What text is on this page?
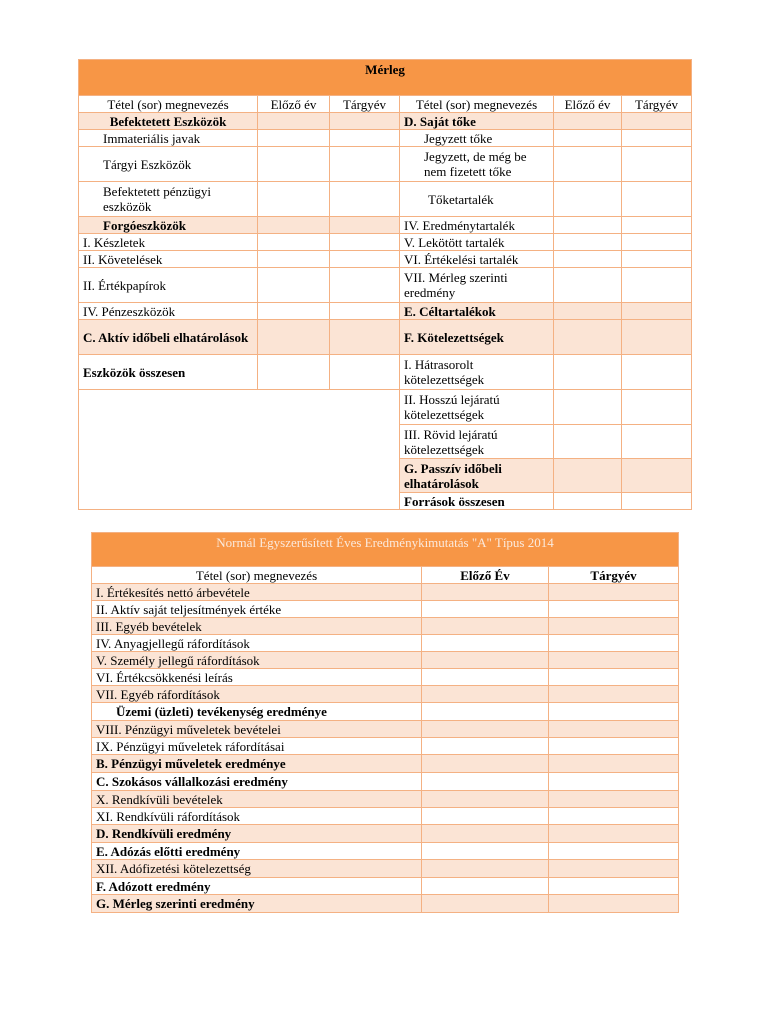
Mérleg					
Tétel (sor) megnevezés	Előző év	Tárgyév	Tétel (sor) megnevezés	Előző év	Tárgyév
Befektetett Eszközök			D. Saját tőke		
Immateriális javak			Jegyzett tőke		
Tárgyi Eszközök			Jegyzett, de még be nem fizetett tőke		
Befektetett pénzügyi eszközök			Tőketartalék		
Forgóeszközök			IV. Eredménytartalék		
I. Készletek			V. Lekötött tartalék		
II. Követelések			VI. Értékelési tartalék		
II. Értékpapírok			VII. Mérleg szerinti eredmény		
IV. Pénzeszközök			E. Céltartalékok		
C. Aktív időbeli elhatárolások			F. Kötelezettségek		
Eszközök összesen			I. Hátrasorolt kötelezettségek		
			II. Hosszú lejáratú kötelezettségek		
			III. Rövid lejáratú kötelezettségek		
			G. Passzív időbeli elhatárolások		
			Források összesen		
Normál Egyszerűsített Éves Eredménykimutatás "A" Típus 2014		
Tétel (sor) megnevezés	Előző Év	Tárgyév
I. Értékesítés nettó árbevétele		
II. Aktív saját teljesítmények értéke		
III. Egyéb bevételek		
IV. Anyagjellegű ráfordítások		
V. Személy jellegű ráfordítások		
VI. Értékcsökkenési leírás		
VII. Egyéb ráfordítások		
Üzemi (üzleti) tevékenység eredménye		
VIII. Pénzügyi műveletek bevételei		
IX. Pénzügyi műveletek ráfordításai		
B. Pénzügyi műveletek eredménye		
C. Szokásos vállalkozási eredmény		
X. Rendkívüli bevételek		
XI. Rendkívüli ráfordítások		
D. Rendkívüli eredmény		
E. Adózás előtti eredmény		
XII. Adófizetési kötelezettség		
F. Adózott eredmény		
G. Mérleg szerinti eredmény		
